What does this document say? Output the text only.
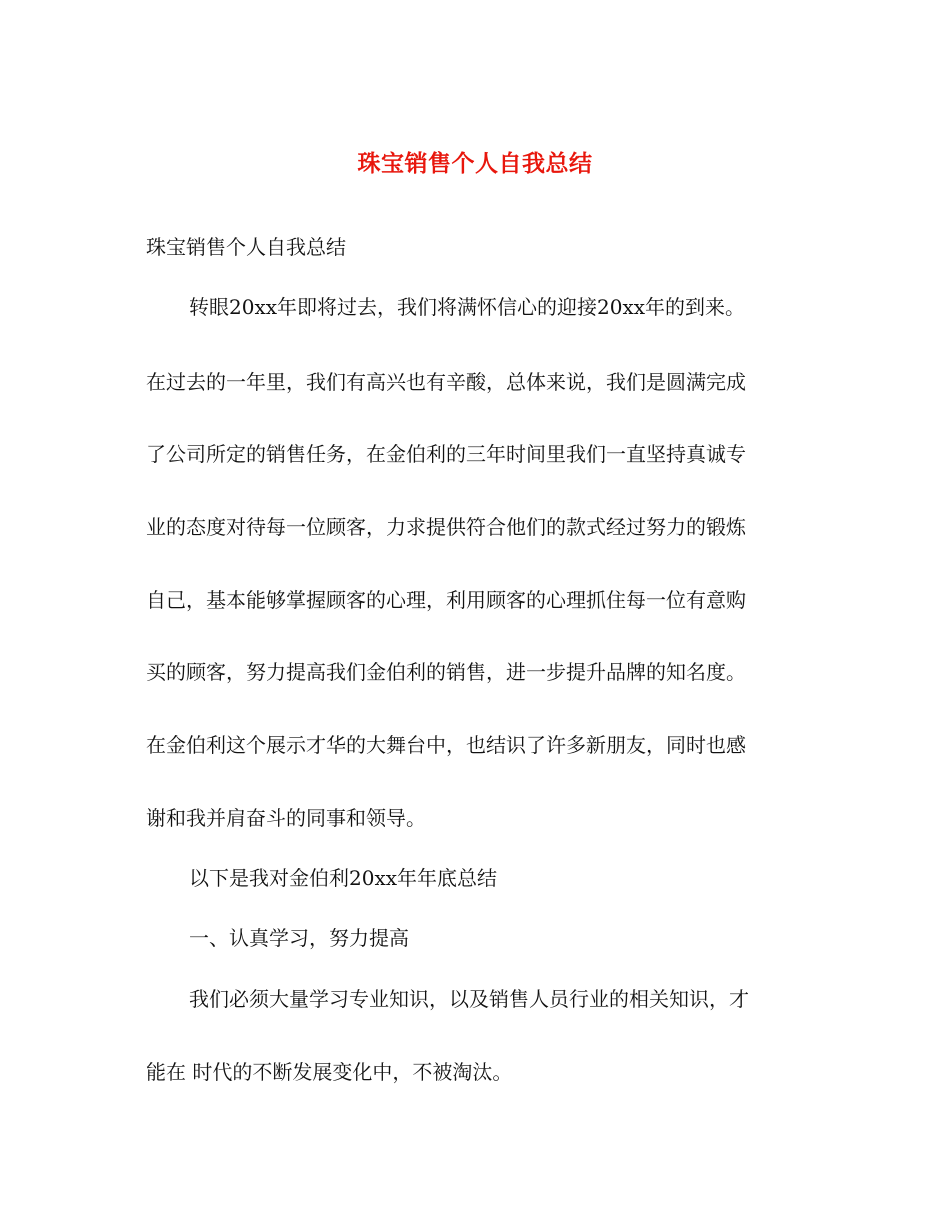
珠宝销售个人自我总结
珠宝销售个人自我总结
转眼20xx年即将过去，我们将满怀信心的迎接20xx年的到来。
在过去的一年里，我们有高兴也有辛酸，总体来说，我们是圆满完成
了公司所定的销售任务，在金伯利的三年时间里我们一直坚持真诚专
业的态度对待每一位顾客，力求提供符合他们的款式经过努力的锻炼
自己，基本能够掌握顾客的心理，利用顾客的心理抓住每一位有意购
买的顾客，努力提高我们金伯利的销售，进一步提升品牌的知名度。
在金伯利这个展示才华的大舞台中，也结识了许多新朋友，同时也感
谢和我并肩奋斗的同事和领导。
以下是我对金伯利20xx年年底总结
一、认真学习，努力提高
我们必须大量学习专业知识，以及销售人员行业的相关知识，才
能在 时代的不断发展变化中，不被淘汰。
